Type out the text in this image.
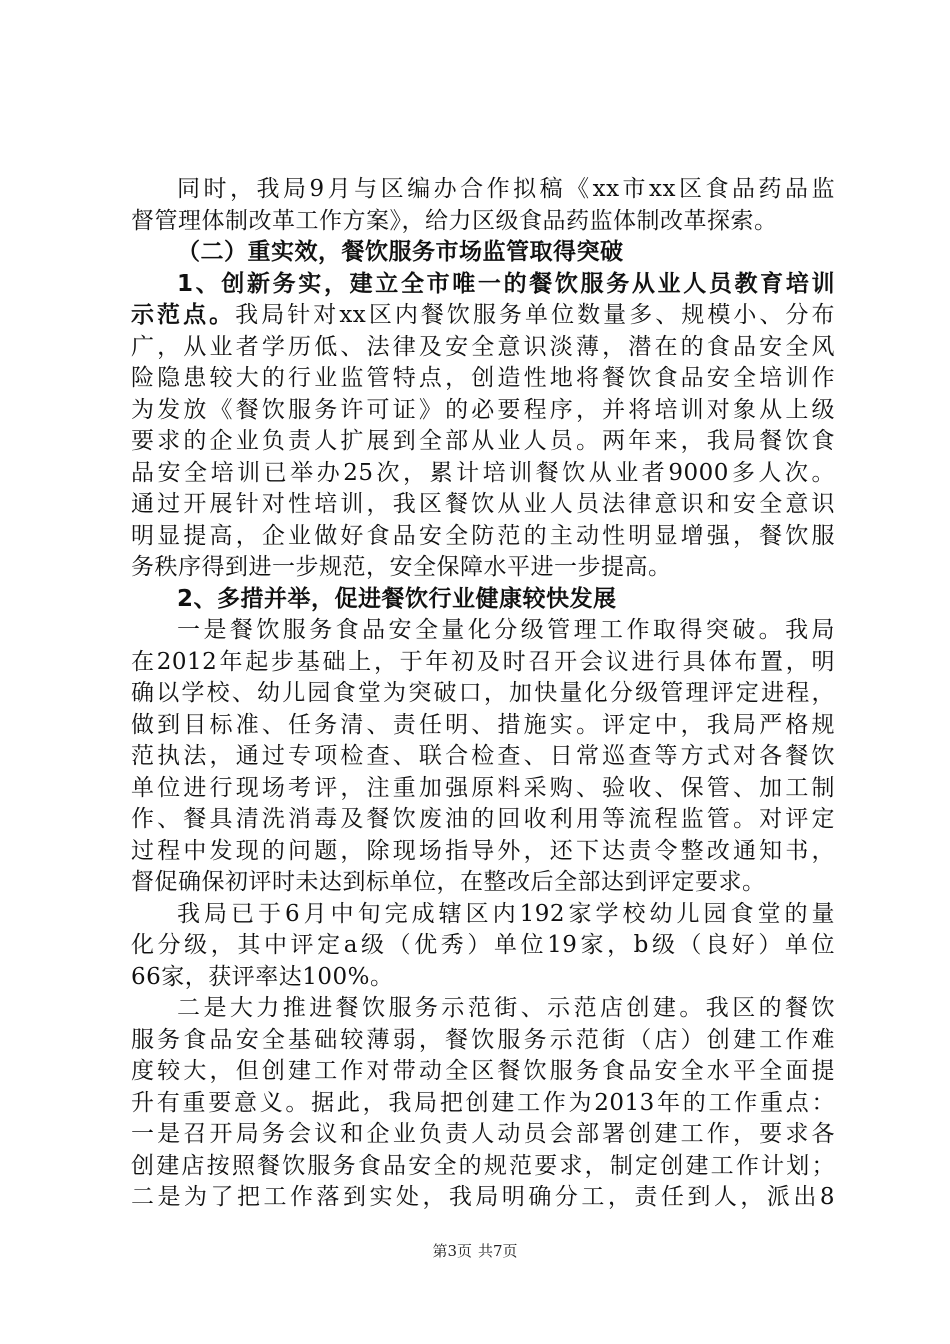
同时，我局9月与区编办合作拟稿《xx市xx区食品药品监
督管理体制改革工作方案》，给力区级食品药监体制改革探索。
（二）重实效，餐饮服务市场监管取得突破
1、创新务实，建立全市唯一的餐饮服务从业人员教育培训
示范点。我局针对xx区内餐饮服务单位数量多、规模小、分布
广，从业者学历低、法律及安全意识淡薄，潜在的食品安全风
险隐患较大的行业监管特点，创造性地将餐饮食品安全培训作
为发放《餐饮服务许可证》的必要程序，并将培训对象从上级
要求的企业负责人扩展到全部从业人员。两年来，我局餐饮食
品安全培训已举办25次，累计培训餐饮从业者9000多人次。
通过开展针对性培训，我区餐饮从业人员法律意识和安全意识
明显提高，企业做好食品安全防范的主动性明显增强，餐饮服
务秩序得到进一步规范，安全保障水平进一步提高。
2、多措并举，促进餐饮行业健康较快发展
一是餐饮服务食品安全量化分级管理工作取得突破。我局
在2012年起步基础上，于年初及时召开会议进行具体布置，明
确以学校、幼儿园食堂为突破口，加快量化分级管理评定进程，
做到目标准、任务清、责任明、措施实。评定中，我局严格规
范执法，通过专项检查、联合检查、日常巡查等方式对各餐饮
单位进行现场考评，注重加强原料采购、验收、保管、加工制
作、餐具清洗消毒及餐饮废油的回收利用等流程监管。对评定
过程中发现的问题，除现场指导外，还下达责令整改通知书，
督促确保初评时未达到标单位，在整改后全部达到评定要求。
我局已于6月中旬完成辖区内192家学校幼儿园食堂的量
化分级，其中评定a级（优秀）单位19家，b级（良好）单位
66家，获评率达100%。
二是大力推进餐饮服务示范街、示范店创建。我区的餐饮
服务食品安全基础较薄弱，餐饮服务示范街（店）创建工作难
度较大，但创建工作对带动全区餐饮服务食品安全水平全面提
升有重要意义。据此，我局把创建工作为2013年的工作重点：
一是召开局务会议和企业负责人动员会部署创建工作，要求各
创建店按照餐饮服务食品安全的规范要求，制定创建工作计划；
二是为了把工作落到实处，我局明确分工，责任到人，派出8
第3页 共7页
